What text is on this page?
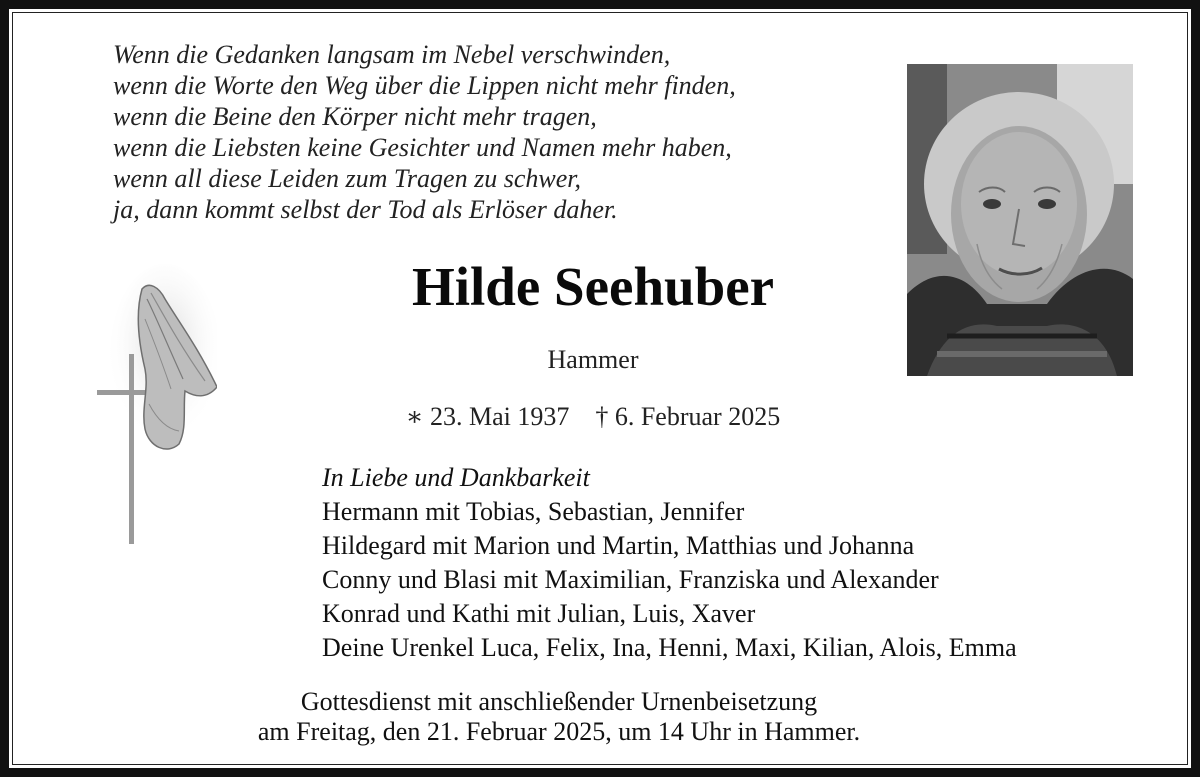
Wenn die Gedanken langsam im Nebel verschwinden,
wenn die Worte den Weg über die Lippen nicht mehr finden,
wenn die Beine den Körper nicht mehr tragen,
wenn die Liebsten keine Gesichter und Namen mehr haben,
wenn all diese Leiden zum Tragen zu schwer,
ja, dann kommt selbst der Tod als Erlöser daher.
Hilde Seehuber
Hammer
∗ 23. Mai 1937 † 6. Februar 2025
In Liebe und Dankbarkeit
Hermann mit Tobias, Sebastian, Jennifer
Hildegard mit Marion und Martin, Matthias und Johanna
Conny und Blasi mit Maximilian, Franziska und Alexander
Konrad und Kathi mit Julian, Luis, Xaver
Deine Urenkel Luca, Felix, Ina, Henni, Maxi, Kilian, Alois, Emma
Gottesdienst mit anschließender Urnenbeisetzung
am Freitag, den 21. Februar 2025, um 14 Uhr in Hammer.
